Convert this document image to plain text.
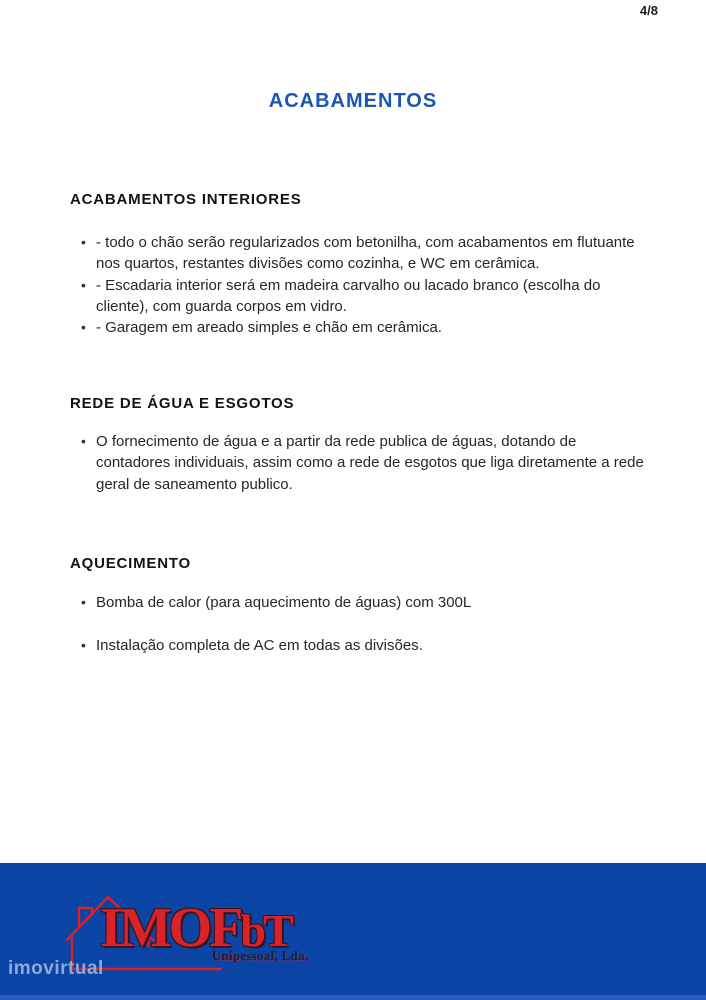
4/8
ACABAMENTOS
ACABAMENTOS INTERIORES
• - todo o chão serão regularizados com betonilha, com acabamentos em flutuante nos quartos, restantes divisões como cozinha, e WC em cerâmica.
• - Escadaria interior será em madeira carvalho ou lacado branco (escolha do cliente), com guarda corpos em vidro.
• - Garagem em areado simples e chão em cerâmica.
REDE DE ÁGUA E ESGOTOS
• O fornecimento de água e a partir da rede publica de águas, dotando de contadores individuais, assim como a rede de esgotos que liga diretamente a rede geral de saneamento publico.
AQUECIMENTO
• Bomba de calor (para aquecimento de águas) com 300L
• Instalação completa de AC em todas as divisões.
IMOFbT
Unipessoal, Lda.
imovirtual
